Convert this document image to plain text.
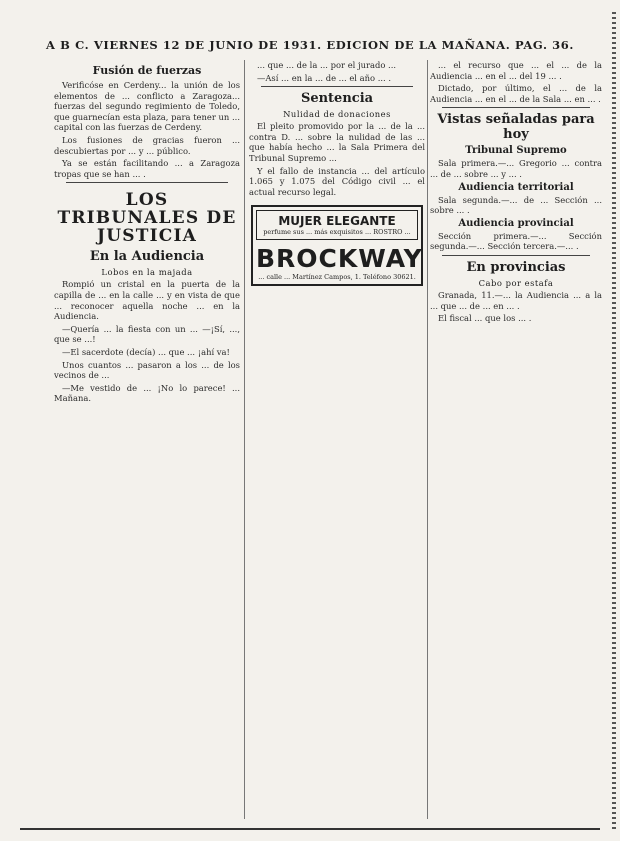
A B C. VIERNES 12 DE JUNIO DE 1931. EDICION DE LA MAÑANA. PAG. 36.
Fusión de fuerzas

Verificóse en Cerdeny... la unión de los elementos de ... conflicto a Zaragoza... fuerzas del segundo regimiento de Toledo, que guarnecían esta plaza, para tener un ... capital con las fuerzas de Cerdeny.

Los fusiones de gracias fueron ... descubiertas por ... y ... público.

Ya se están facilitando ... a Zaragoza tropas que se han ... .

LOS TRIBUNALES DE JUSTICIA
En la Audiencia
Lobos en la majada

Rompió un cristal en la puerta de la capilla de ... en la calle ... y en vista de que ... reconocer aquella noche ... en la Audiencia.

—Quería ... la fiesta con un ... —¡Sí, ..., que se ...!

—El sacerdote (decía) ... que ... ¡ahí va!

Unos cuantos ... pasaron a los ... de los vecinos de ...

—Me vestido de ... ¡No lo parece! ... Mañana.

... que ... de la ... por el jurado ...

—Así ... en la ... de ... el año ... .

Sentencia
Nulidad de donaciones

El pleito promovido por la ... de la ... contra D. ... sobre la nulidad de las ... que había hecho ... la Sala Primera del Tribunal Supremo ...

Y el fallo de instancia ... del artículo 1.065 y 1.075 del Código civil ... el actual recurso legal.

MUJER ELEGANTE
perfume sus ... más exquisitos ... ROSTRO ...
BROCKWAY
... calle ... Martínez Campos, 1. Teléfono 30621.

... el recurso que ... el ... de la Audiencia ... en el ... del 19 ... .

Dictado, por último, el ... de la Audiencia ... en el ... de la Sala ... en ... .

Vistas señaladas para hoy
Tribunal Supremo

Sala primera.—... Gregorio ... contra ... de ... sobre ... y ... .

Audiencia territorial

Sala segunda.—... de ... Sección ... sobre ... .

Audiencia provincial

Sección primera.—... Sección segunda.—... Sección tercera.—... .

En provincias
Cabo por estafa

Granada, 11.—... la Audiencia ... a la ... que ... de ... en ... .

El fiscal ... que los ... .
